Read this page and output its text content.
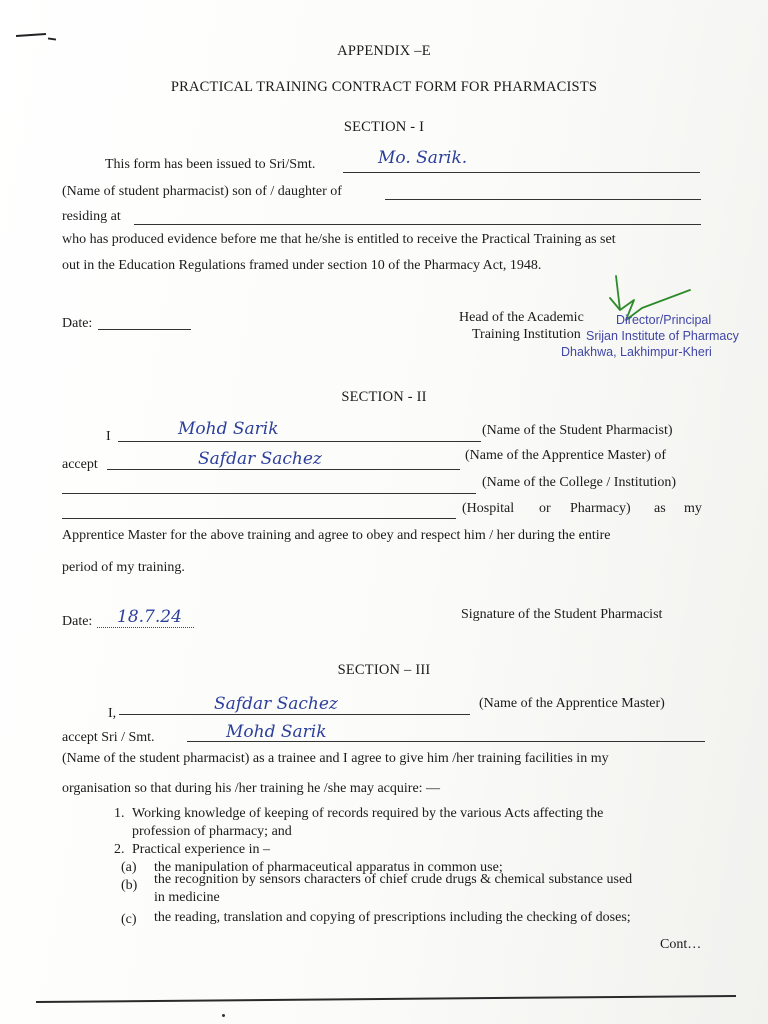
APPENDIX –E
PRACTICAL TRAINING CONTRACT FORM FOR PHARMACISTS
SECTION - I
This form has been issued to Sri/Smt.	Mo. Sarik.
(Name of student pharmacist) son of / daughter of
residing at
who has produced evidence before me that he/she is entitled to receive the Practical Training as set
out in the Education Regulations framed under section 10 of the Pharmacy Act, 1948.
Date:	Head of the Academic
Training Institution
Director/Principal
Srijan Institute of Pharmacy
Dhakhwa, Lakhimpur-Kheri
SECTION - II
I	Mohd Sarik	(Name of the Student Pharmacist)
accept	Safdar Sachez	(Name of the Apprentice Master) of
(Name of the College / Institution)
(Hospital or Pharmacy) as my
Apprentice Master for the above training and agree to obey and respect him / her during the entire
period of my training.
Date: 18.7.24	Signature of the Student Pharmacist
SECTION – III
I,	Safdar Sachez	(Name of the Apprentice Master)
accept Sri / Smt.	Mohd Sarik
(Name of the student pharmacist) as a trainee and I agree to give him /her training facilities in my
organisation so that during his /her training he /she may acquire: —
1. Working knowledge of keeping of records required by the various Acts affecting the
profession of pharmacy; and
2. Practical experience in –
(a) the manipulation of pharmaceutical apparatus in common use;
(b) the recognition by sensors characters of chief crude drugs & chemical substance used
in medicine
(c) the reading, translation and copying of prescriptions including the checking of doses;
Cont…
